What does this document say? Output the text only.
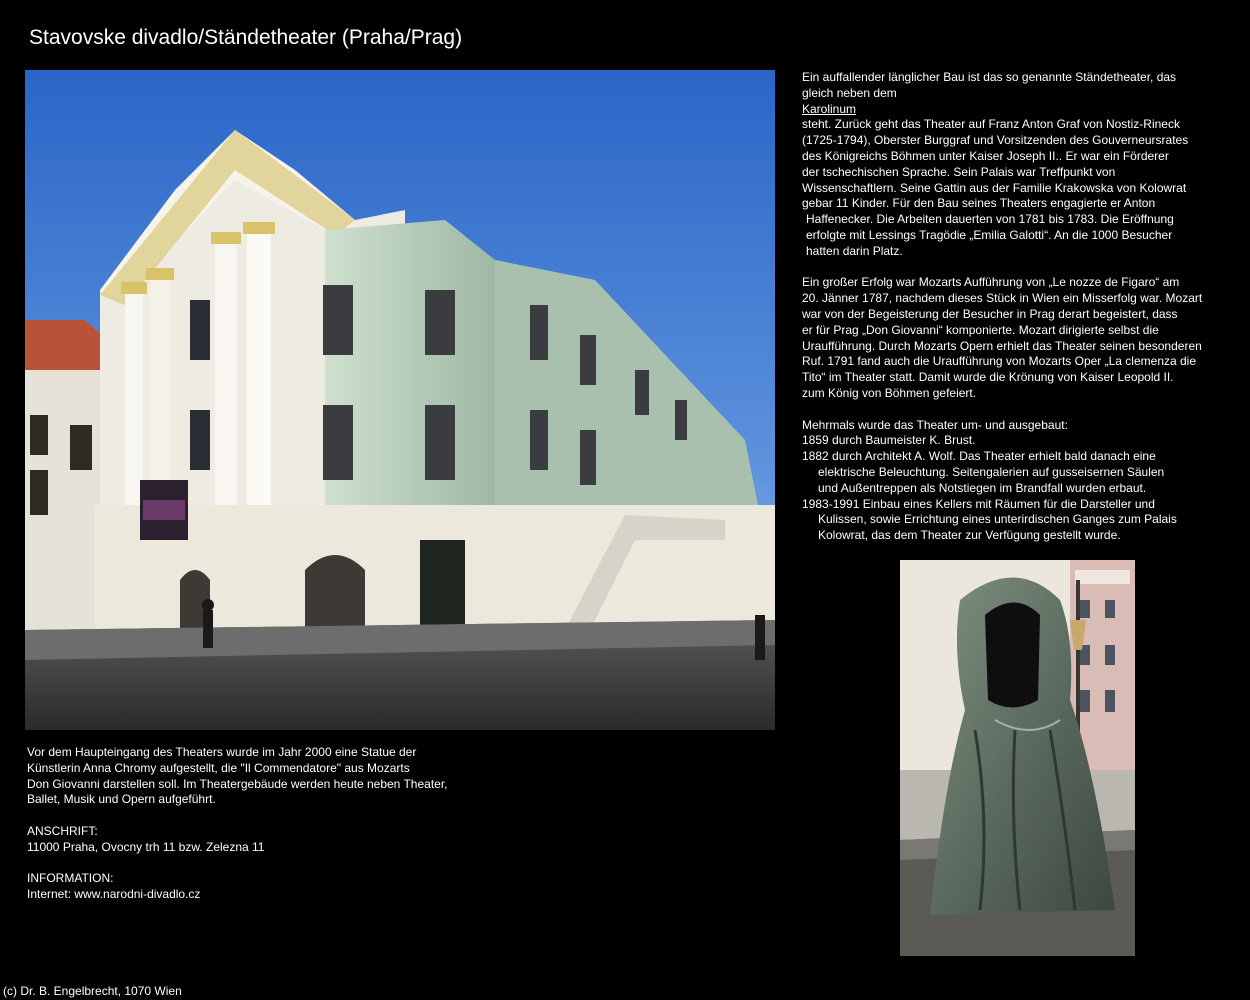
Stavovske divadlo/Ständetheater (Praha/Prag)

Ein auffallender länglicher Bau ist das so genannte Ständetheater, das

gleich neben dem

Karolinum

steht. Zurück geht das Theater auf Franz Anton Graf von Nostiz-Rineck

(1725-1794), Oberster Burggraf und Vorsitzenden des Gouverneursrates

des Königreichs Böhmen unter Kaiser Joseph II.. Er war ein Förderer

der tschechischen Sprache. Sein Palais war Treffpunkt von

Wissenschaftlern. Seine Gattin aus der Familie Krakowska von Kolowrat

gebar 11 Kinder. Für den Bau seines Theaters engagierte er Anton

Haffenecker. Die Arbeiten dauerten von 1781 bis 1783. Die Eröffnung

erfolgte mit Lessings Tragödie „Emilia Galotti“. An die 1000 Besucher

hatten darin Platz.

Ein großer Erfolg war Mozarts Aufführung von „Le nozze de Figaro“ am

20. Jänner 1787, nachdem dieses Stück in Wien ein Misserfolg war. Mozart

war von der Begeisterung der Besucher in Prag derart begeistert, dass

er für Prag „Don Giovanni“ komponierte. Mozart dirigierte selbst die

Uraufführung. Durch Mozarts Opern erhielt das Theater seinen besonderen

Ruf. 1791 fand auch die Uraufführung von Mozarts Oper „La clemenza die

Tito“ im Theater statt. Damit wurde die Krönung von Kaiser Leopold II.

zum König von Böhmen gefeiert.

Mehrmals wurde das Theater um- und ausgebaut:

1859 durch Baumeister K. Brust.

1882 durch Architekt A. Wolf. Das Theater erhielt bald danach eine

elektrische Beleuchtung. Seitengalerien auf gusseisernen Säulen

und Außentreppen als Notstiegen im Brandfall wurden erbaut.

1983-1991 Einbau eines Kellers mit Räumen für die Darsteller und

Kulissen, sowie Errichtung eines unterirdischen Ganges zum Palais

Kolowrat, das dem Theater zur Verfügung gestellt wurde.

Vor dem Haupteingang des Theaters wurde im Jahr 2000 eine Statue der

Künstlerin Anna Chromy aufgestellt, die "Il Commendatore" aus Mozarts

Don Giovanni darstellen soll. Im Theatergebäude werden heute neben Theater,

Ballet, Musik und Opern aufgeführt.

ANSCHRIFT:

11000 Praha, Ovocny trh 11 bzw. Zelezna 11

INFORMATION:

Internet: www.narodni-divadlo.cz

(c) Dr. B. Engelbrecht, 1070 Wien
